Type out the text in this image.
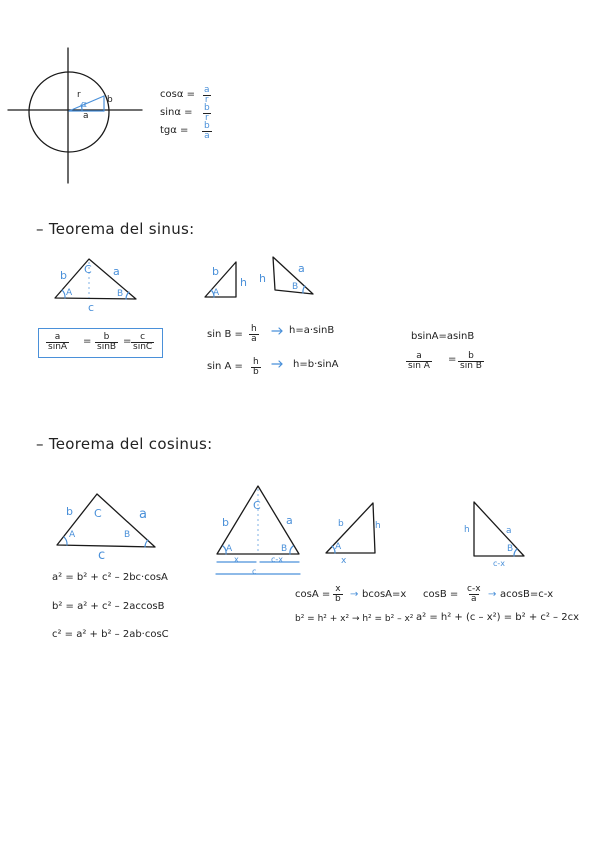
r
α
a
b	$\cos\alpha = \frac{a}{r}$
$\sin\alpha = \frac{b}{r}$
$tg\alpha = \frac{b}{a}$
– Teorema del sinus:
b C a
A	B
c
b
h
A
h
a
B
$\frac{a}{\sin A} = \frac{b}{\sin B} = \frac{c}{\sin C}$	$\sin B = \frac{h}{a}$	h=a·sinB
$\sin A = \frac{h}{b}$	h=b·sinA
bsinA=asinB
$\frac{a}{\text{sin A}} = \frac{b}{\text{sin B}}$
– Teorema del cosinus:
b C	a
A	B
c
b
C
a
A	B
x	c-x
c
b	h
A
x
h	a
B
c-x
a² = b² + c² – 2bc·cosA
b² = a² + c² – 2accosB
c² = a² + b² – 2ab·cosC
$\cos A = \frac{x}{b} \to bcosA=x$ $\cos B = \frac{c-x}{a} \to acosB=c-x$
b² = h² + x² → h² = b² – x² a² = h² + (c – x²) = b² + c² – 2cx
